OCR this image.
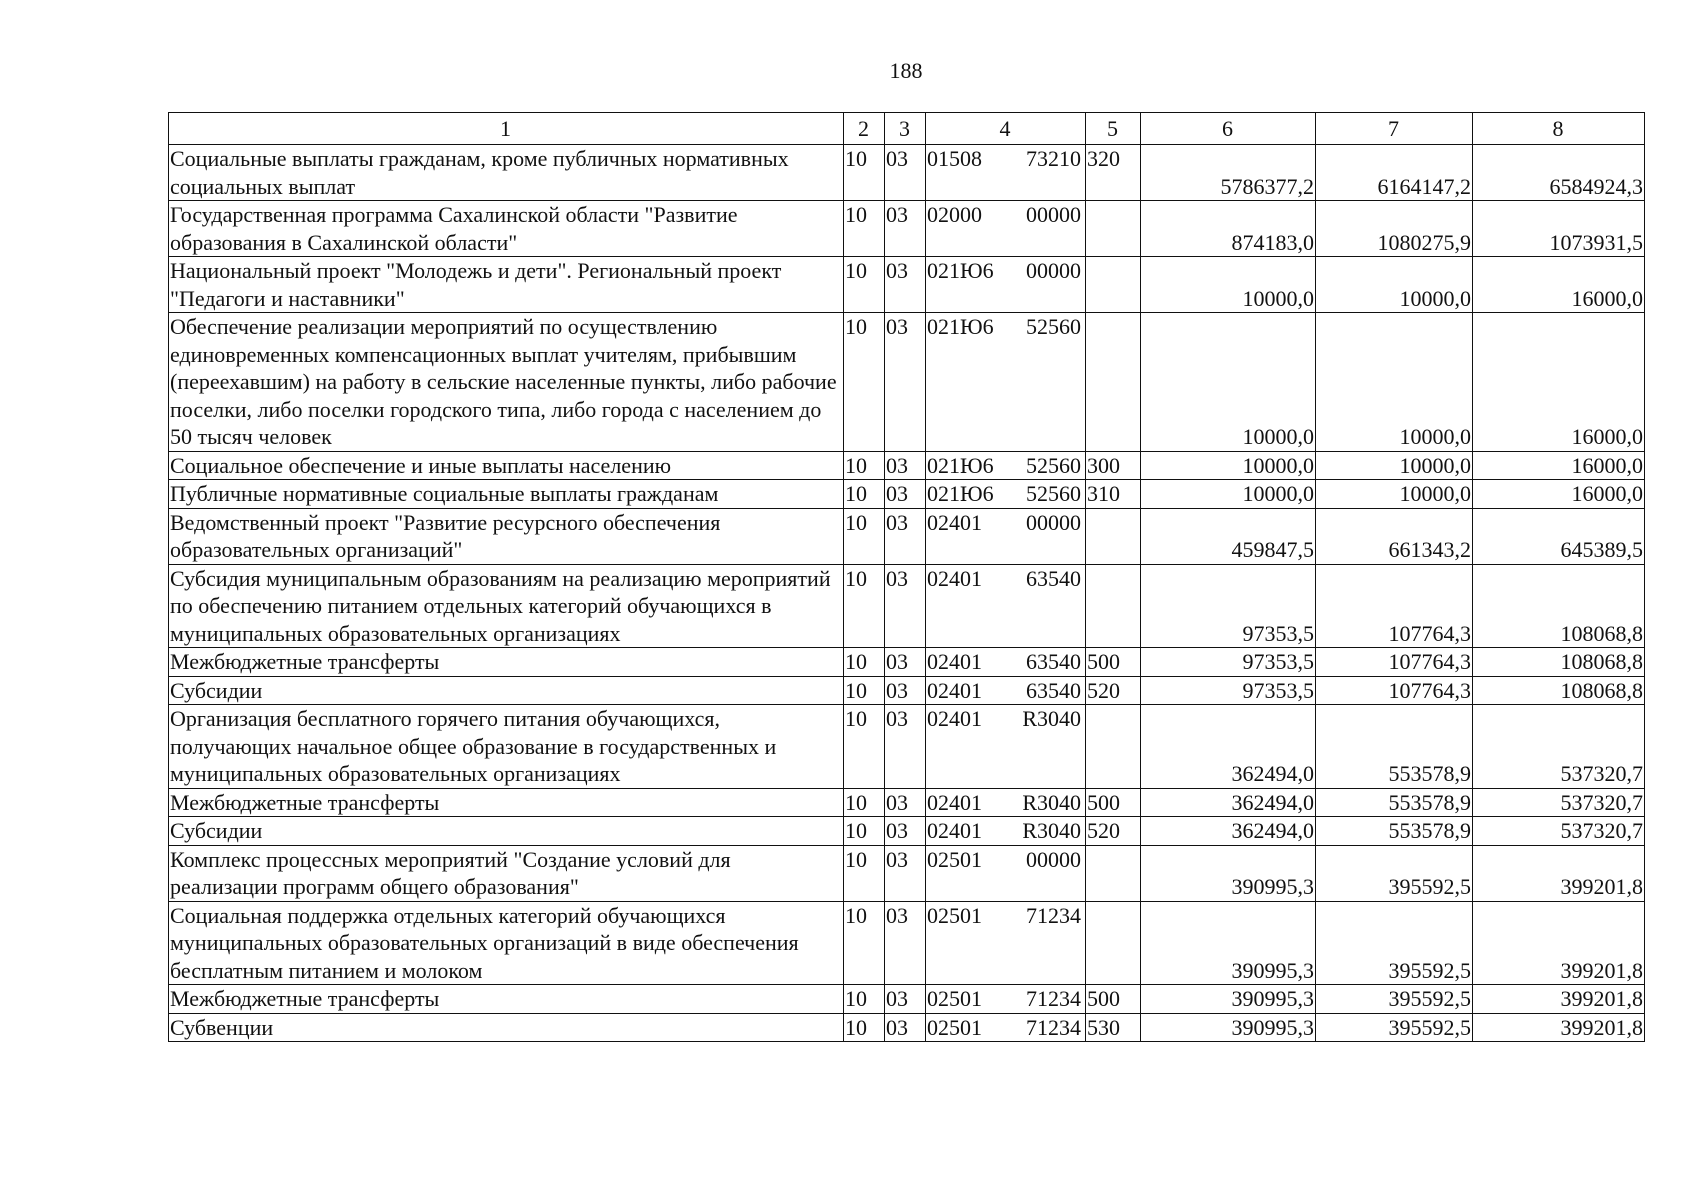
188
1	2	3	4	5	6	7	8
Социальные выплаты гражданам, кроме публичных нормативных социальных выплат	10	03	01508 73210	320	5786377,2	6164147,2	6584924,3
Государственная программа Сахалинской области "Развитие образования в Сахалинской области"	10	03	02000 00000		874183,0	1080275,9	1073931,5
Национальный проект "Молодежь и дети". Региональный проект "Педагоги и наставники"	10	03	021Ю6 00000		10000,0	10000,0	16000,0
Обеспечение реализации мероприятий по осуществлению единовременных компенсационных выплат учителям, прибывшим (переехавшим) на работу в сельские населенные пункты, либо рабочие поселки, либо поселки городского типа, либо города с населением до 50 тысяч человек	10	03	021Ю6 52560		10000,0	10000,0	16000,0
Социальное обеспечение и иные выплаты населению	10	03	021Ю6 52560	300	10000,0	10000,0	16000,0
Публичные нормативные социальные выплаты гражданам	10	03	021Ю6 52560	310	10000,0	10000,0	16000,0
Ведомственный проект "Развитие ресурсного обеспечения образовательных организаций"	10	03	02401 00000		459847,5	661343,2	645389,5
Субсидия муниципальным образованиям на реализацию мероприятий по обеспечению питанием отдельных категорий обучающихся в муниципальных образовательных организациях	10	03	02401 63540		97353,5	107764,3	108068,8
Межбюджетные трансферты	10	03	02401 63540	500	97353,5	107764,3	108068,8
Субсидии	10	03	02401 63540	520	97353,5	107764,3	108068,8
Организация бесплатного горячего питания обучающихся, получающих начальное общее образование в государственных и муниципальных образовательных организациях	10	03	02401 R3040		362494,0	553578,9	537320,7
Межбюджетные трансферты	10	03	02401 R3040	500	362494,0	553578,9	537320,7
Субсидии	10	03	02401 R3040	520	362494,0	553578,9	537320,7
Комплекс процессных мероприятий "Создание условий для реализации программ общего образования"	10	03	02501 00000		390995,3	395592,5	399201,8
Социальная поддержка отдельных категорий обучающихся муниципальных образовательных организаций в виде обеспечения бесплатным питанием и молоком	10	03	02501 71234		390995,3	395592,5	399201,8
Межбюджетные трансферты	10	03	02501 71234	500	390995,3	395592,5	399201,8
Субвенции	10	03	02501 71234	530	390995,3	395592,5	399201,8
